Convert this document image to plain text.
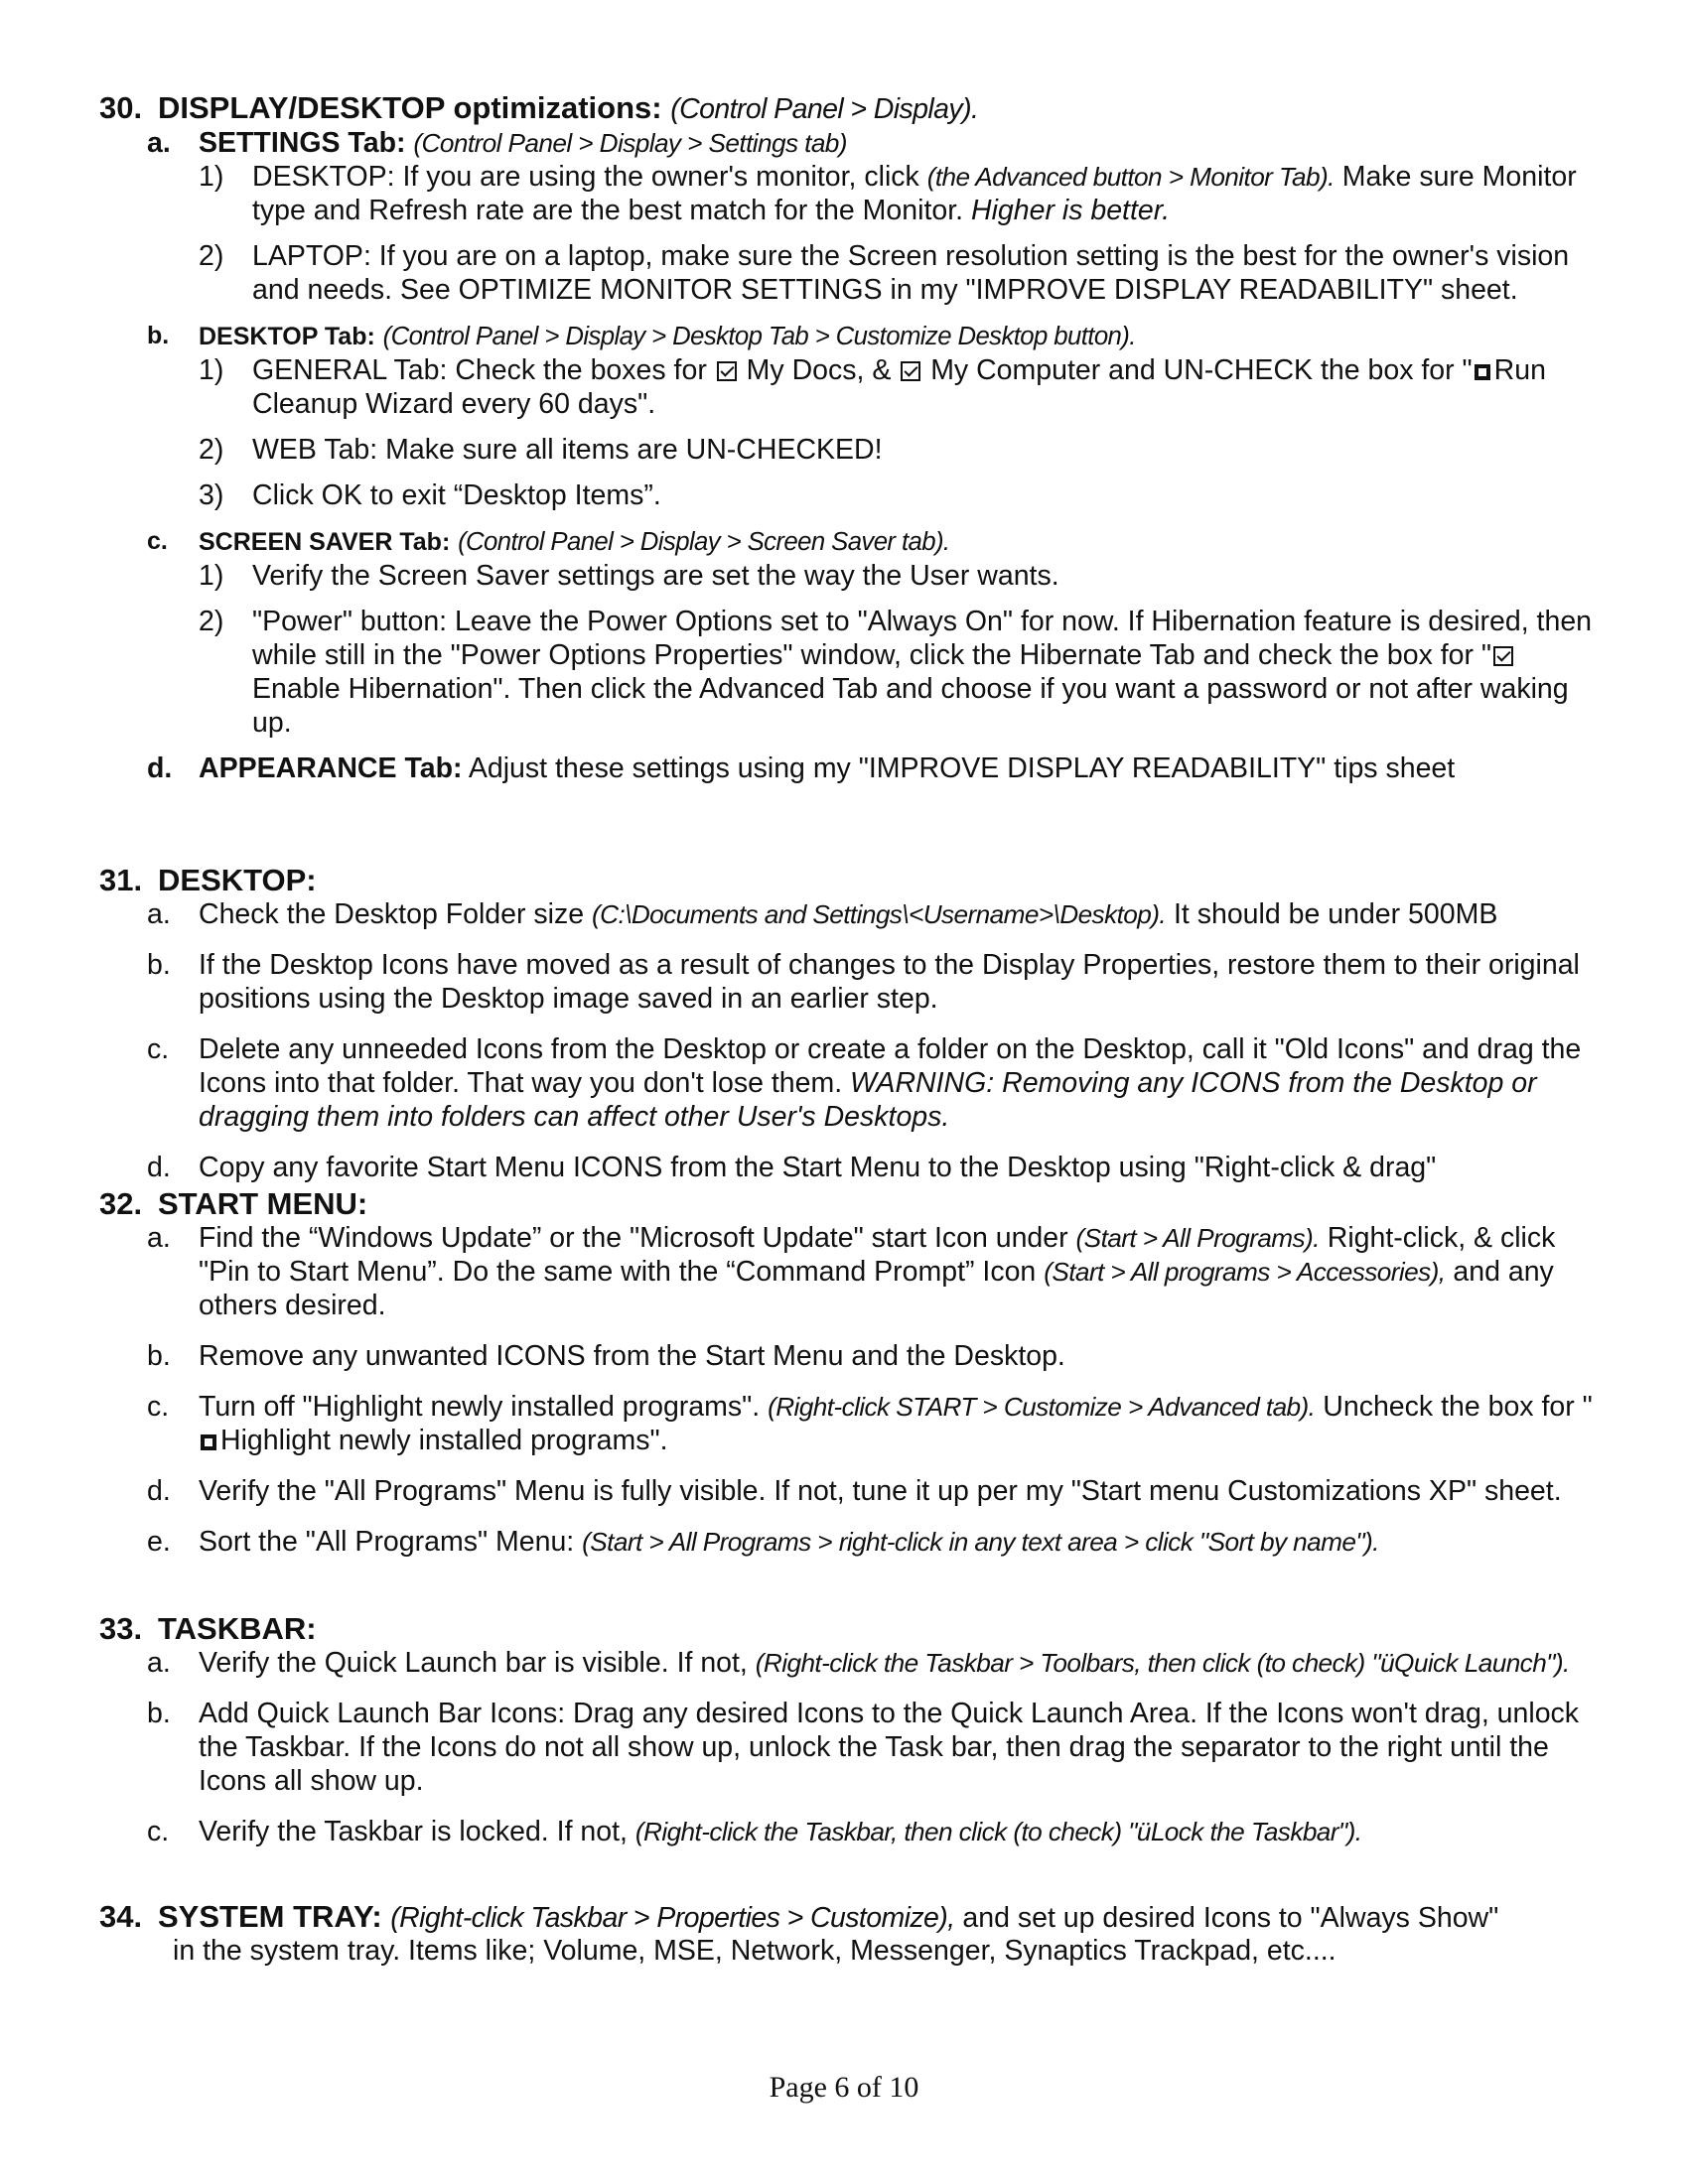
30. DISPLAY/DESKTOP optimizations: (Control Panel > Display).
a. SETTINGS Tab: (Control Panel > Display > Settings tab)
1) DESKTOP: If you are using the owner's monitor, click (the Advanced button > Monitor Tab). Make sure Monitor type and Refresh rate are the best match for the Monitor. Higher is better.
2) LAPTOP: If you are on a laptop, make sure the Screen resolution setting is the best for the owner's vision and needs. See OPTIMIZE MONITOR SETTINGS in my "IMPROVE DISPLAY READABILITY" sheet.
b. DESKTOP Tab: (Control Panel > Display > Desktop Tab > Customize Desktop button).
1) GENERAL Tab: Check the boxes for My Docs, & My Computer and UN-CHECK the box for " Run Cleanup Wizard every 60 days".
2) WEB Tab: Make sure all items are UN-CHECKED!
3) Click OK to exit “Desktop Items”.
c. SCREEN SAVER Tab: (Control Panel > Display > Screen Saver tab).
1) Verify the Screen Saver settings are set the way the User wants.
2) "Power" button: Leave the Power Options set to "Always On" for now. If Hibernation feature is desired, then while still in the "Power Options Properties" window, click the Hibernate Tab and check the box for " Enable Hibernation". Then click the Advanced Tab and choose if you want a password or not after waking up.
d. APPEARANCE Tab: Adjust these settings using my "IMPROVE DISPLAY READABILITY" tips sheet
31. DESKTOP:
a. Check the Desktop Folder size (C:\Documents and Settings\<Username>\Desktop). It should be under 500MB
b. If the Desktop Icons have moved as a result of changes to the Display Properties, restore them to their original positions using the Desktop image saved in an earlier step.
c. Delete any unneeded Icons from the Desktop or create a folder on the Desktop, call it "Old Icons" and drag the Icons into that folder. That way you don't lose them. WARNING: Removing any ICONS from the Desktop or dragging them into folders can affect other User's Desktops.
d. Copy any favorite Start Menu ICONS from the Start Menu to the Desktop using "Right-click & drag"
32. START MENU:
a. Find the “Windows Update” or the "Microsoft Update" start Icon under (Start > All Programs). Right-click, & click "Pin to Start Menu”. Do the same with the “Command Prompt” Icon (Start > All programs > Accessories), and any others desired.
b. Remove any unwanted ICONS from the Start Menu and the Desktop.
c. Turn off "Highlight newly installed programs". (Right-click START > Customize > Advanced tab). Uncheck the box for "Highlight newly installed programs".
d. Verify the "All Programs" Menu is fully visible. If not, tune it up per my "Start menu Customizations XP" sheet.
e. Sort the "All Programs" Menu: (Start > All Programs > right-click in any text area > click "Sort by name").
33. TASKBAR:
a. Verify the Quick Launch bar is visible. If not, (Right-click the Taskbar > Toolbars, then click (to check) "üQuick Launch").
b. Add Quick Launch Bar Icons: Drag any desired Icons to the Quick Launch Area. If the Icons won't drag, unlock the Taskbar. If the Icons do not all show up, unlock the Task bar, then drag the separator to the right until the Icons all show up.
c. Verify the Taskbar is locked. If not, (Right-click the Taskbar, then click (to check) "üLock the Taskbar").
34. SYSTEM TRAY: (Right-click Taskbar > Properties > Customize), and set up desired Icons to "Always Show"
in the system tray. Items like; Volume, MSE, Network, Messenger, Synaptics Trackpad, etc....
Page 6 of 10
